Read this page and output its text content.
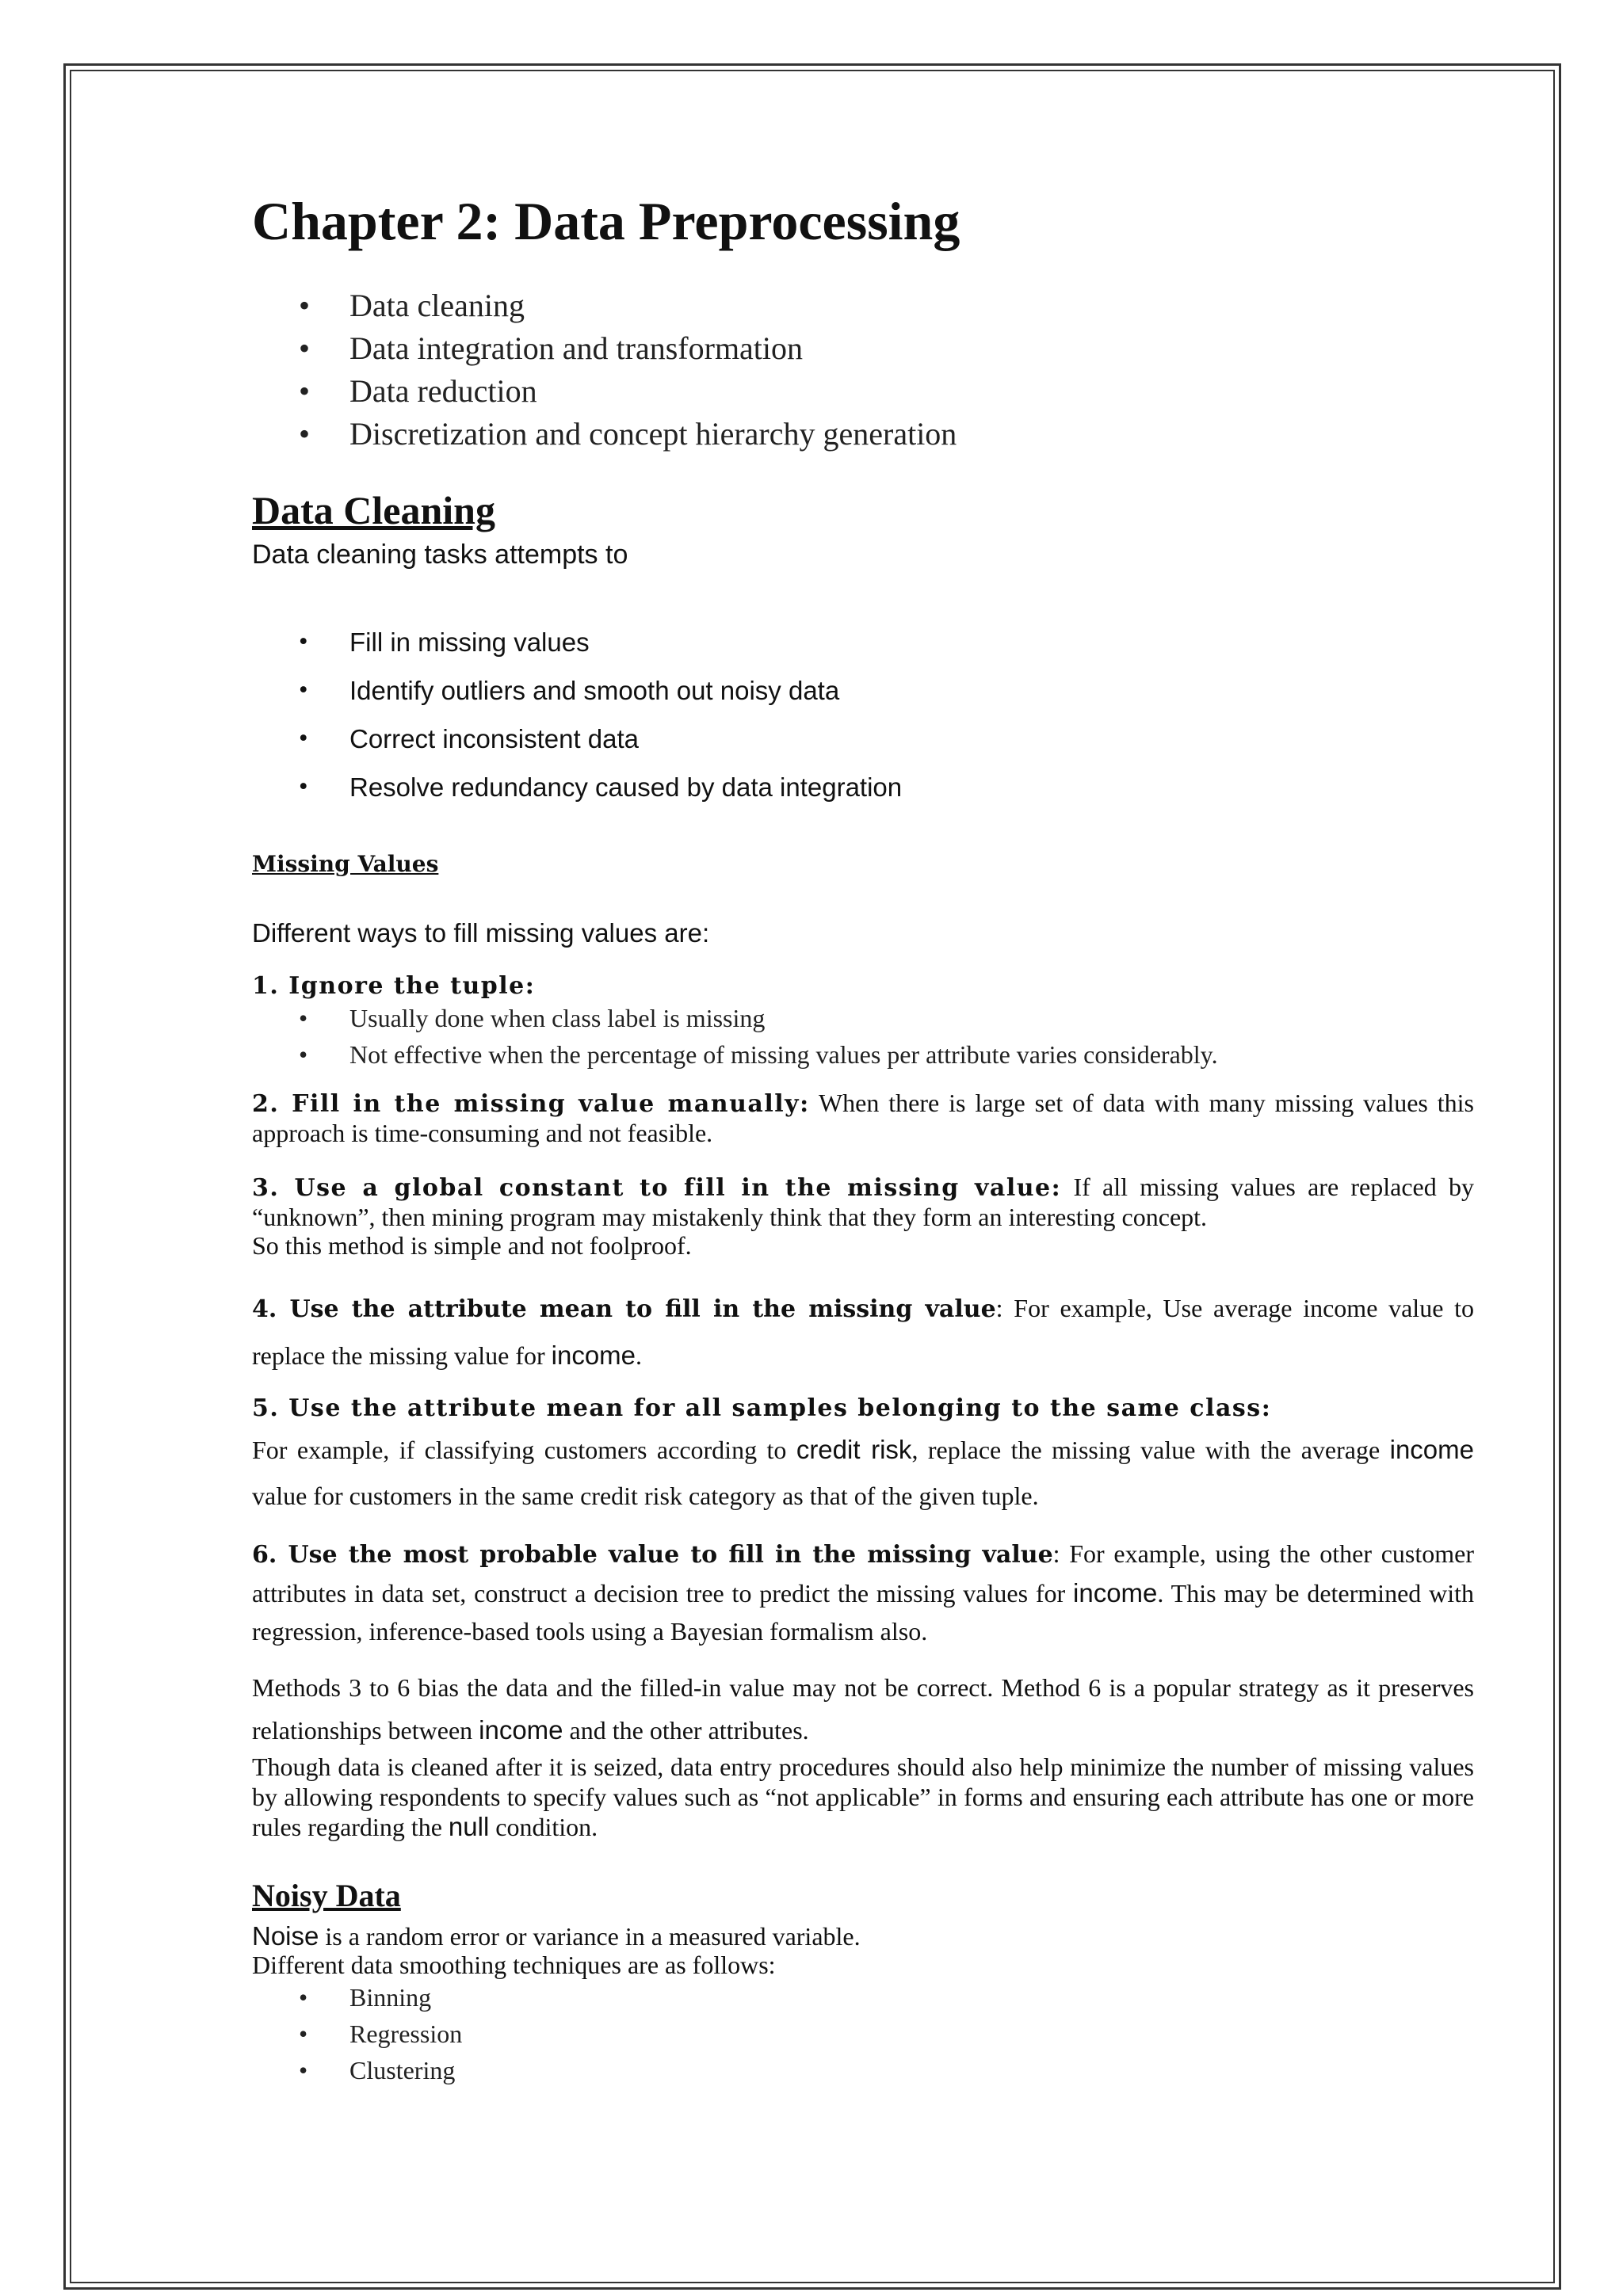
Chapter 2: Data Preprocessing
• Data cleaning
• Data integration and transformation
• Data reduction
• Discretization and concept hierarchy generation
Data Cleaning
Data cleaning tasks attempts to
• Fill in missing values
• Identify outliers and smooth out noisy data
• Correct inconsistent data
• Resolve redundancy caused by data integration
Missing Values
Different ways to fill missing values are:
1. Ignore the tuple:
• Usually done when class label is missing
• Not effective when the percentage of missing values per attribute varies considerably.

2. Fill in the missing value manually: When there is large set of data with many missing values this approach is time-consuming and not feasible.

3. Use a global constant to fill in the missing value: If all missing values are replaced by “unknown”, then mining program may mistakenly think that they form an interesting concept.

So this method is simple and not foolproof.

4. Use the attribute mean to fill in the missing value: For example, Use average income value to replace the missing value for income.

5. Use the attribute mean for all samples belonging to the same class:

For example, if classifying customers according to credit risk, replace the missing value with the average income value for customers in the same credit risk category as that of the given tuple.

6. Use the most probable value to fill in the missing value: For example, using the other customer attributes in data set, construct a decision tree to predict the missing values for income. This may be determined with regression, inference-based tools using a Bayesian formalism also.

Methods 3 to 6 bias the data and the filled-in value may not be correct. Method 6 is a popular strategy as it preserves relationships between income and the other attributes.

Though data is cleaned after it is seized, data entry procedures should also help minimize the number of missing values by allowing respondents to specify values such as “not applicable” in forms and ensuring each attribute has one or more rules regarding the null condition.

Noisy Data

Noise is a random error or variance in a measured variable.

Different data smoothing techniques are as follows:

• Binning
• Regression
• Clustering
